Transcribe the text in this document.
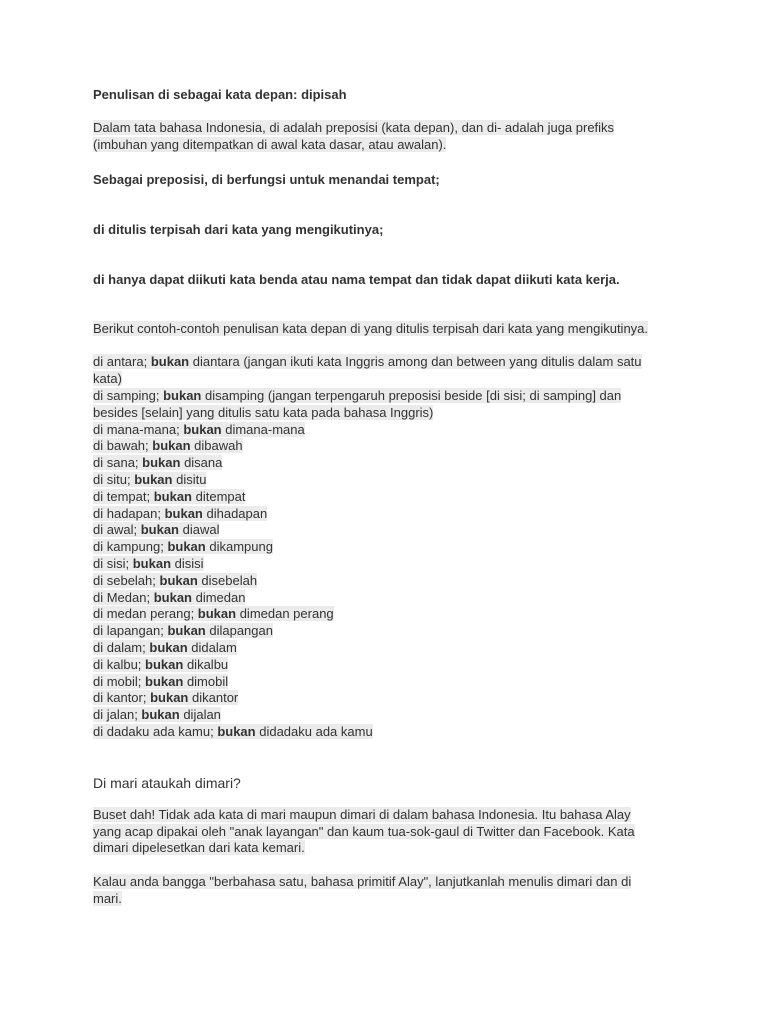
Penulisan di sebagai kata depan: dipisah

Dalam tata bahasa Indonesia, di adalah preposisi (kata depan), dan di- adalah juga prefiks

(imbuhan yang ditempatkan di awal kata dasar, atau awalan).

Sebagai preposisi, di berfungsi untuk menandai tempat;

di ditulis terpisah dari kata yang mengikutinya;

di hanya dapat diikuti kata benda atau nama tempat dan tidak dapat diikuti kata kerja.

Berikut contoh-contoh penulisan kata depan di yang ditulis terpisah dari kata yang mengikutinya.

di antara; bukan diantara (jangan ikuti kata Inggris among dan between yang ditulis dalam satu

kata)

di samping; bukan disamping (jangan terpengaruh preposisi beside [di sisi; di samping] dan

besides [selain] yang ditulis satu kata pada bahasa Inggris)

di mana-mana; bukan dimana-mana

di bawah; bukan dibawah

di sana; bukan disana

di situ; bukan disitu

di tempat; bukan ditempat

di hadapan; bukan dihadapan

di awal; bukan diawal

di kampung; bukan dikampung

di sisi; bukan disisi

di sebelah; bukan disebelah

di Medan; bukan dimedan

di medan perang; bukan dimedan perang

di lapangan; bukan dilapangan

di dalam; bukan didalam

di kalbu; bukan dikalbu

di mobil; bukan dimobil

di kantor; bukan dikantor

di jalan; bukan dijalan

di dadaku ada kamu; bukan didadaku ada kamu

Di mari ataukah dimari?

Buset dah! Tidak ada kata di mari maupun dimari di dalam bahasa Indonesia. Itu bahasa Alay

yang acap dipakai oleh "anak layangan" dan kaum tua-sok-gaul di Twitter dan Facebook. Kata

dimari dipelesetkan dari kata kemari.

Kalau anda bangga "berbahasa satu, bahasa primitif Alay", lanjutkanlah menulis dimari dan di

mari.
